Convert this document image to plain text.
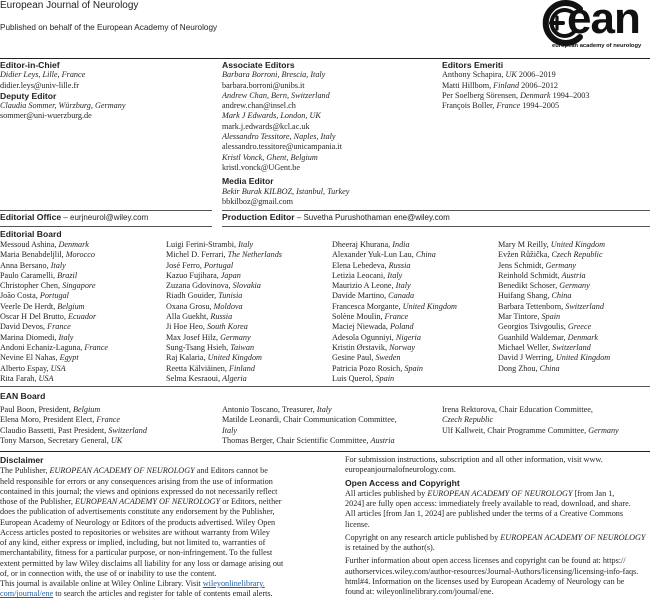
European Journal of Neurology
Published on behalf of the European Academy of Neurology	ean
european academy of neurology
Editor-in-Chief
Didier Leys, Lille, France
didier.leys@univ-lille.fr
Deputy Editor
Claudia Sommer, Würzburg, Germany
sommer@uni-wuerzburg.de
Associate Editors
Barbara Borroni, Brescia, Italy
barbara.borroni@unibs.it
Andrew Chan, Bern, Switzerland
andrew.chan@insel.ch
Mark J Edwards, London, UK
mark.j.edwards@kcl.ac.uk
Alessandro Tessitore, Naples, Italy
alessandro.tessitore@unicampania.it
Kristl Vonck, Ghent, Belgium
kristl.vonck@UGent.be
Media Editor
Bekir Burak KILBOZ, Istanbul, Turkey
bbkilboz@gmail.com
Editors Emeriti
Anthony Schapira, UK 2006–2019
Matti Hillbom, Finland 2006–2012
Per Soelberg Sörensen, Denmark 1994–2003
François Boller, France 1994–2005
Editorial Office – eurjneurol@wiley.com	Production Editor – Suvetha Purushothaman ene@wiley.com
Editorial Board
Messoud Ashina, Denmark
Maria Benabdeljlil, Morocco
Anna Bersano, Italy
Paulo Caramelli, Brazil
Christopher Chen, Singapore
João Costa, Portugal
Veerle De Herdt, Belgium
Oscar H Del Brutto, Ecuador
David Devos, France
Marina Diomedi, Italy
Andoni Echaniz-Laguna, France
Nevine El Nahas, Egypt
Alberto Espay, USA
Rita Farah, USA
Luigi Ferini-Strambi, Italy
Michel D. Ferrari, The Netherlands
José Ferro, Portugal
Kazuo Fujihara, Japan
Zuzana Gdovinova, Slovakia
Riadh Gouider, Tunisia
Oxana Grosu, Moldova
Alla Guekht, Russia
Ji Hoe Heo, South Korea
Max Josef Hilz, Germany
Sung-Tsang Hsieh, Taiwan
Raj Kalaria, United Kingdom
Reetta Kälviäinen, Finland
Selma Kesraoui, Algeria
Dheeraj Khurana, India
Alexander Yuk-Lun Lau, China
Elena Lebedeva, Russia
Letizia Leocani, Italy
Maurizio A Leone, Italy
Davide Martino, Canada
Francesca Morgante, United Kingdom
Solène Moulin, France
Maciej Niewada, Poland
Adesola Ogunniyi, Nigeria
Kristin Ørstavik, Norway
Gesine Paul, Sweden
Patricia Pozo Rosich, Spain
Luis Querol, Spain
Mary M Reilly, United Kingdom
Evžen Růžička, Czech Republic
Jens Schmidt, Germany
Reinhold Schmidt, Austria
Benedikt Schoser, Germany
Huifang Shang, China
Barbara Tettenborn, Switzerland
Mar Tintore, Spain
Georgios Tsivgoulis, Greece
Guanhild Waldemar, Denmark
Michael Weller, Switzerland
David J Werring, United Kingdom
Dong Zhou, China
EAN Board
Paul Boon, President, Belgium
Elena Moro, President Elect, France
Claudio Bassetti, Past President, Switzerland
Tony Marson, Secretary General, UK
Antonio Toscano, Treasurer, Italy
Matilde Leonardi, Chair Communication Committee,
Italy
Thomas Berger, Chair Scientific Committee, Austria
Irena Rektorova, Chair Education Committee,
Czech Republic
Ulf Kallweit, Chair Programme Committee, Germany
Disclaimer
The Publisher, EUROPEAN ACADEMY OF NEUROLOGY and Editors cannot be
held responsible for errors or any consequences arising from the use of information
contained in this journal; the views and opinions expressed do not necessarily reflect
those of the Publisher, EUROPEAN ACADEMY OF NEUROLOGY or Editors, neither
does the publication of advertisements constitute any endorsement by the Publisher,
European Academy of Neurology or Editors of the products advertised. Wiley Open
Access articles posted to repositories or websites are without warranty from Wiley
of any kind, either express or implied, including, but not limited to, warranties of
merchantability, fitness for a particular purpose, or non-infringement. To the fullest
extent permitted by law Wiley disclaims all liability for any loss or damage arising out
of, or in connection with, the use of or inability to use the content.
This journal is available online at Wiley Online Library. Visit wileyonlinelibrary.
com/journal/ene to search the articles and register for table of contents email alerts.
For submission instructions, subscription and all other information, visit www.
europeanjournalofneurology.com.
Open Access and Copyright
All articles published by EUROPEAN ACADEMY OF NEUROLOGY [from Jan 1,
2024] are fully open access: immediately freely available to read, download, and share.
All articles [from Jan 1, 2024] are published under the terms of a Creative Commons
license.
Copyright on any research article published by EUROPEAN ACADEMY OF NEUROLOGY
is retained by the author(s).
Further information about open access licenses and copyright can be found at: https://
authorservices.wiley.com/author-resources/Journal-Authors/licensing/licensing-info-faqs.
html#4. Information on the licenses used by European Academy of Neurology can be
found at: wileyonlinelibrary.com/journal/ene.
